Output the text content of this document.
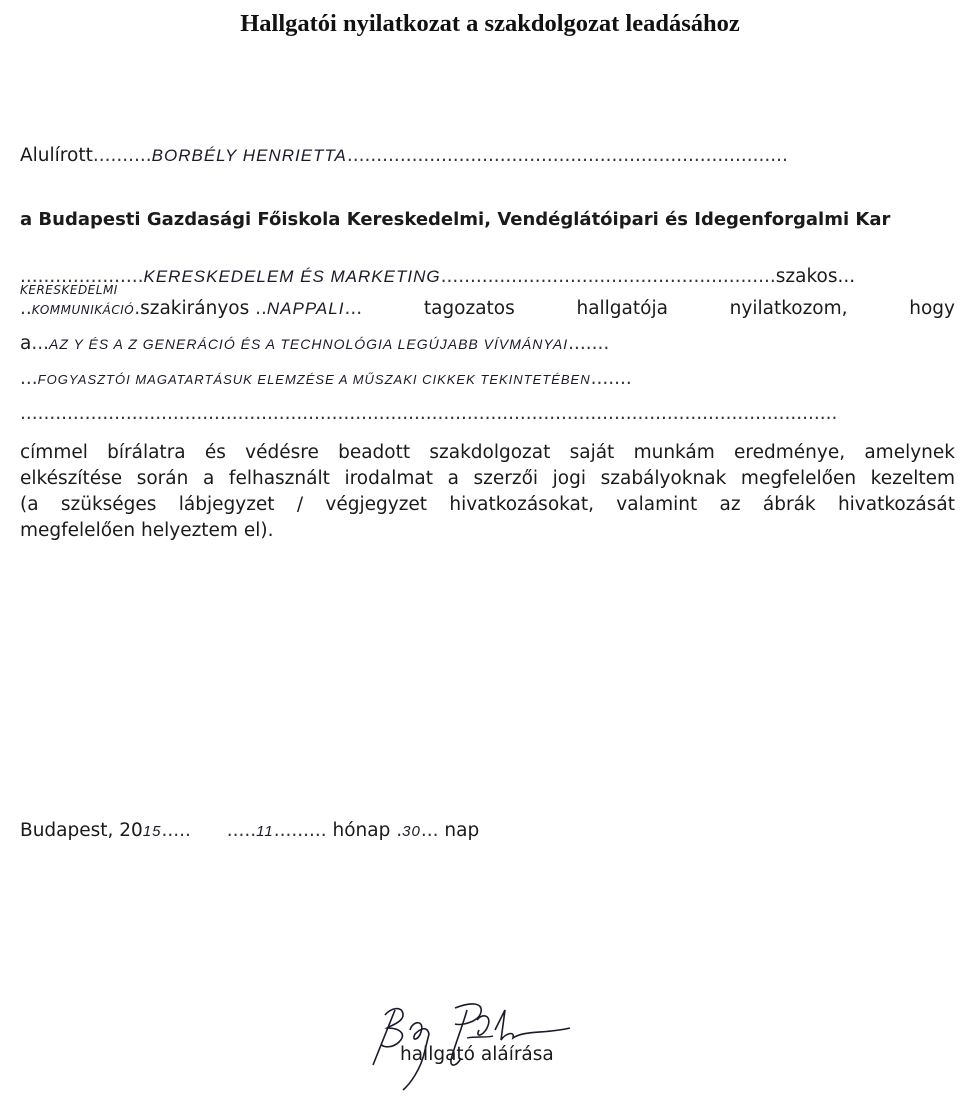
Hallgatói nyilatkozat a szakdolgozat leadásához
Alulírott..........BORBÉLY HENRIETTA...........................................................................
a Budapesti Gazdasági Főiskola Kereskedelmi, Vendéglátóipari és Idegenforgalmi Kar
.....................KERESKEDELEM ÉS MARKETING.........................................................szakos...
KERESKEDELMI
..KOMMUNIKÁCIÓ.szakirányos ..NAPPALI...	tagozatos	hallgatója	nyilatkozom,	hogy
a...AZ Y ÉS A Z GENERÁCIÓ ÉS A TECHNOLÓGIA LEGÚJABB VÍVMÁNYAI.......
...FOGYASZTÓI MAGATARTÁSUK ELEMZÉSE A MŰSZAKI CIKKEK TEKINTETÉBEN.......
...........................................................................................................................................
címmel bírálatra és védésre beadott szakdolgozat saját munkám eredménye, amelynek
elkészítése során a felhasznált irodalmat a szerzői jogi szabályoknak megfelelően kezeltem
(a szükséges lábjegyzet / végjegyzet hivatkozásokat, valamint az ábrák hivatkozását
megfelelően helyeztem el).
Budapest, 2015..... .....11......... hónap .30... nap
hallgató aláírása
